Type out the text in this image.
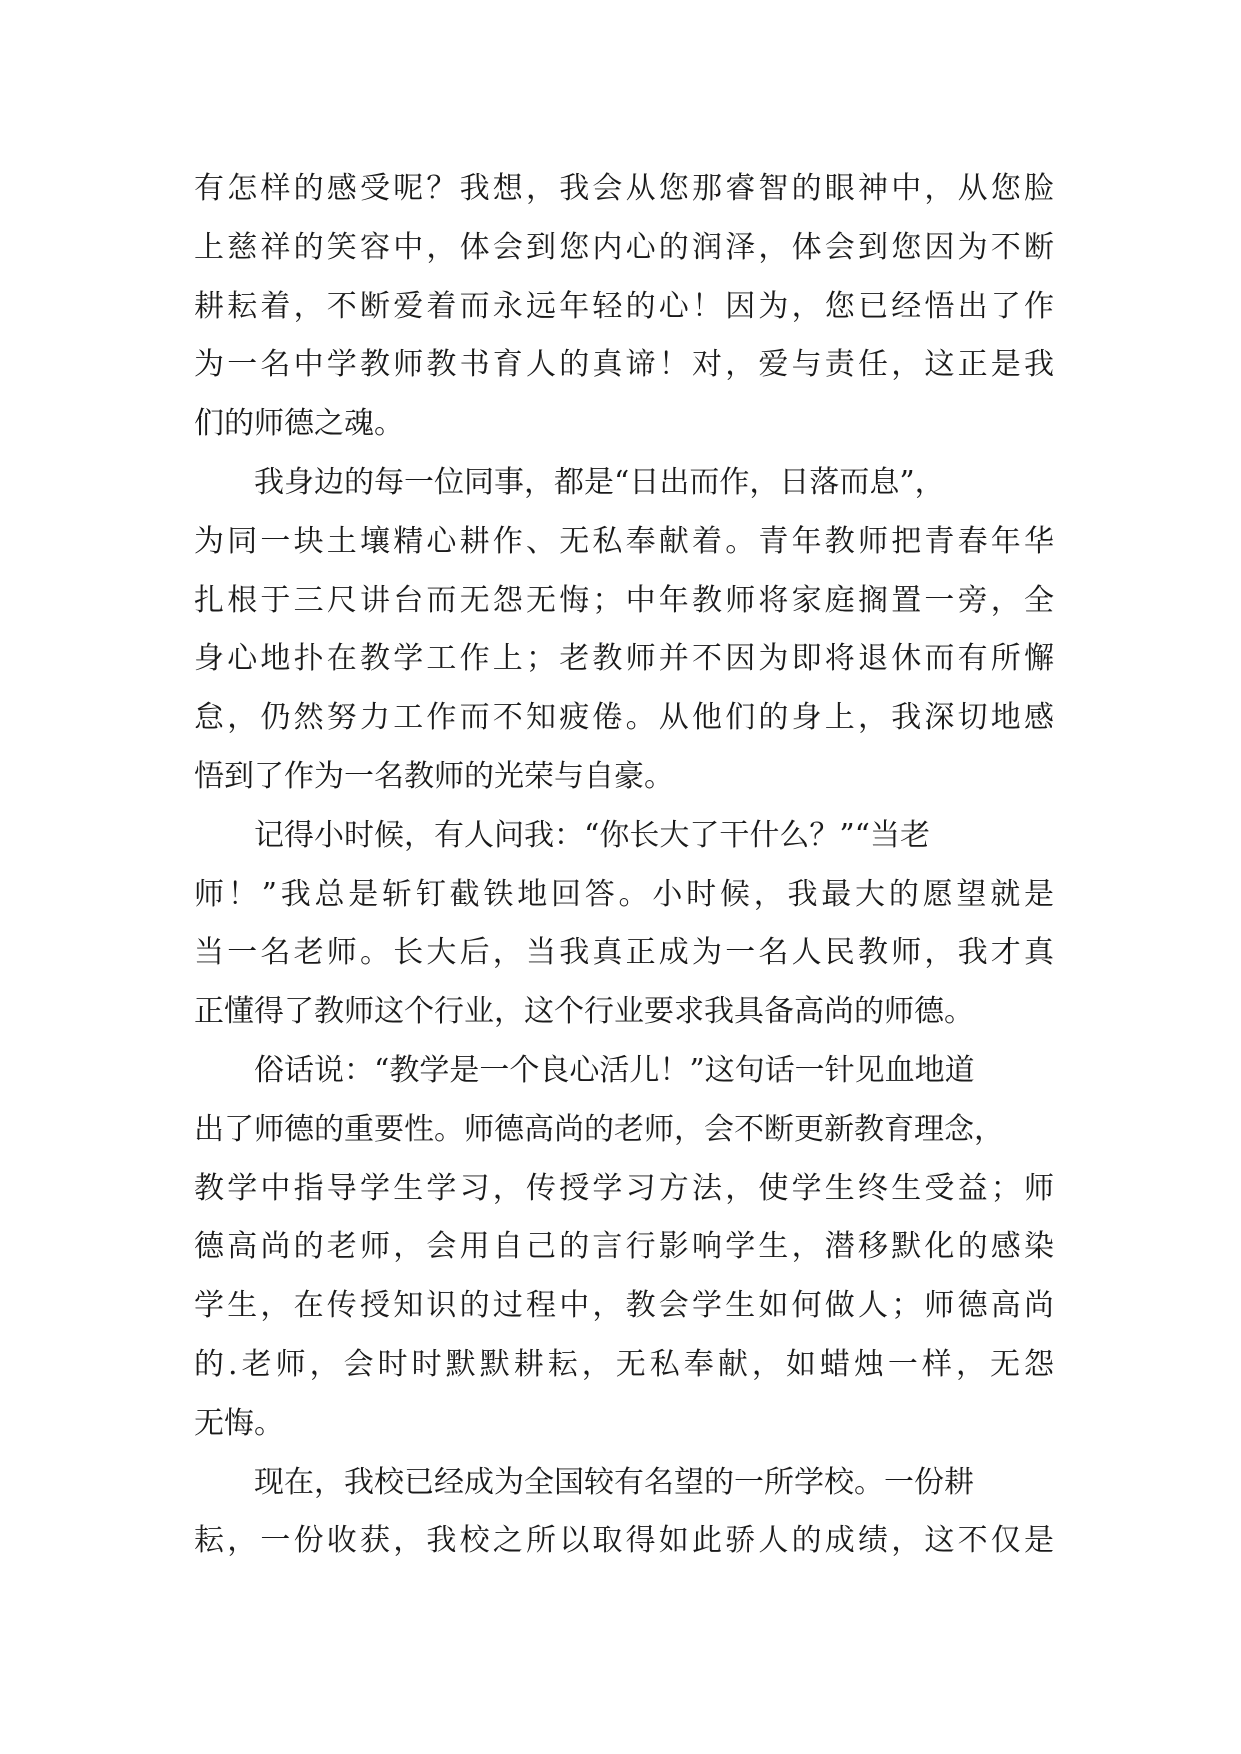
有怎样的感受呢？我想，我会从您那睿智的眼神中，从您脸
上慈祥的笑容中，体会到您内心的润泽，体会到您因为不断
耕耘着，不断爱着而永远年轻的心！因为，您已经悟出了作
为一名中学教师教书育人的真谛！对，爱与责任，这正是我
们的师德之魂。
我身边的每一位同事，都是“日出而作，日落而息”，
为同一块土壤精心耕作、无私奉献着。青年教师把青春年华
扎根于三尺讲台而无怨无悔；中年教师将家庭搁置一旁，全
身心地扑在教学工作上；老教师并不因为即将退休而有所懈
怠，仍然努力工作而不知疲倦。从他们的身上，我深切地感
悟到了作为一名教师的光荣与自豪。
记得小时候，有人问我：“你长大了干什么？”“当老
师！”我总是斩钉截铁地回答。小时候，我最大的愿望就是
当一名老师。长大后，当我真正成为一名人民教师，我才真
正懂得了教师这个行业，这个行业要求我具备高尚的师德。
俗话说：“教学是一个良心活儿！”这句话一针见血地道
出了师德的重要性。师德高尚的老师，会不断更新教育理念，
教学中指导学生学习，传授学习方法，使学生终生受益；师
德高尚的老师，会用自己的言行影响学生，潜移默化的感染
学生，在传授知识的过程中，教会学生如何做人；师德高尚
的.老师，会时时默默耕耘，无私奉献，如蜡烛一样，无怨
无悔。
现在，我校已经成为全国较有名望的一所学校。一份耕
耘，一份收获，我校之所以取得如此骄人的成绩，这不仅是
